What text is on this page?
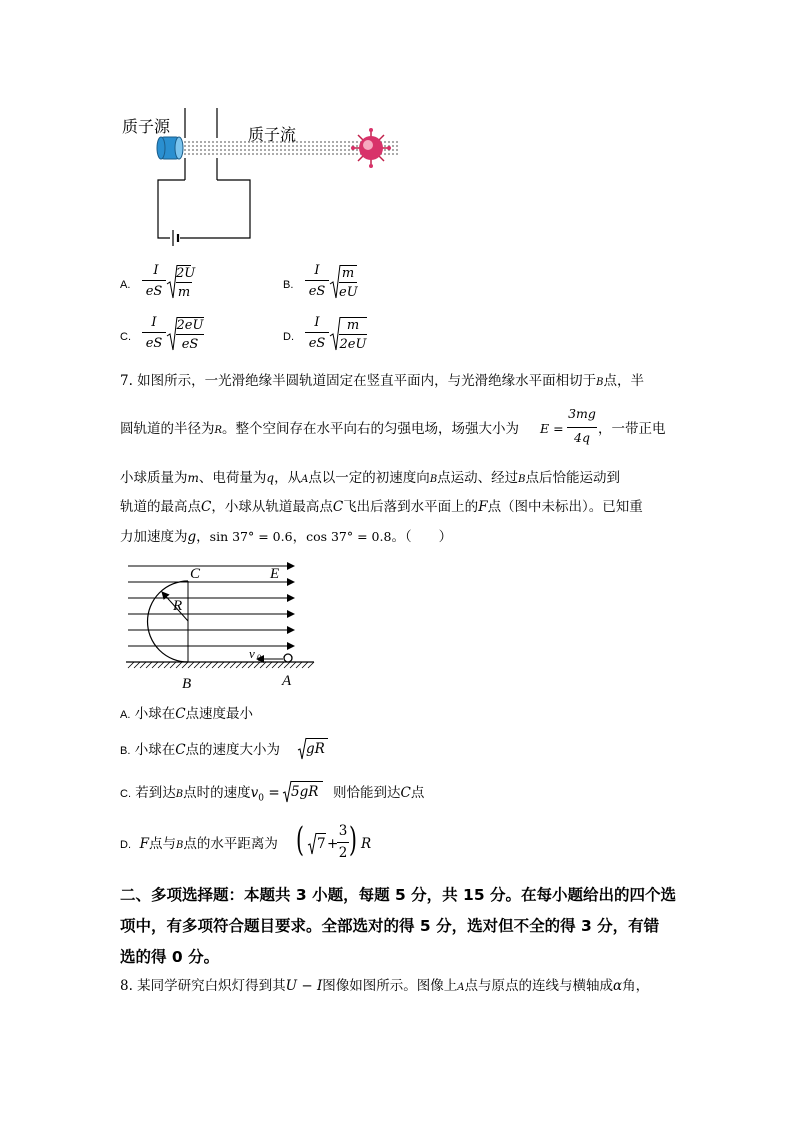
质子源	质子流
A.
I
eS
2U
m	B.
I
eS
m
eU
C.
I
eS
2eU
eS	D.
I
eS
m
2eU
7. 如图所示，一光滑绝缘半圆轨道固定在竖直平面内，与光滑绝缘水平面相切于B点，半
圆轨道的半径为R。整个空间存在水平向右的匀强电场，场强大小为 E =
3mg
4q
，一带正电
小球质量为m、电荷量为q，从A点以一定的初速度向B点运动、经过B点后恰能运动到
轨道的最高点C，小球从轨道最高点C飞出后落到水平面上的F点（图中未标出）。已知重
力加速度为g，sin 37° = 0.6，cos 37° = 0.8。（　　）
C	E
R
v 0
B	A
A. 小球在C点速度最小
B. 小球在C点的速度大小为 gR
C. 若到达B点时的速度$v_0 = 5gR$ 则恰能到达C点
D. F点与B点的水平距离为 ( 7 +
3
2 ) R
二、多项选择题：本题共 3 小题，每题 5 分，共 15 分。在每小题给出的四个选
项中，有多项符合题目要求。全部选对的得 5 分，选对但不全的得 3 分，有错
选的得 0 分。
8. 某同学研究白炽灯得到其U − I图像如图所示。图像上A点与原点的连线与横轴成α角，
